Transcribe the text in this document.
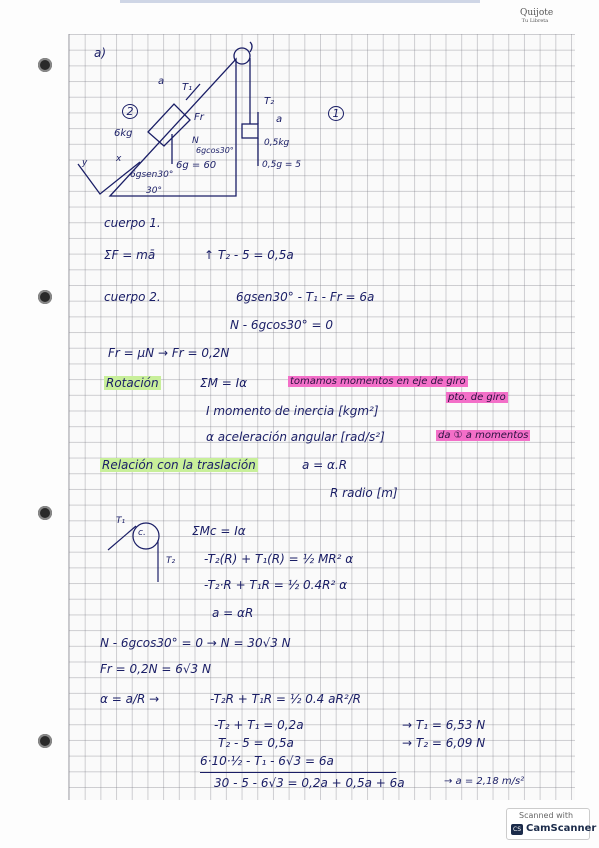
Quijote
Tu Libreta
a)
a
T₁
Fr
2
6kg
N
6gcos30°
6g = 60
6gsen30°
30°
x
y
T₂
a	1
0,5kg
0,5g = 5
cuerpo 1.
ΣF = mā	↑ T₂ - 5 = 0,5a
cuerpo 2.	6gsen30° - T₁ - Fr = 6a
N - 6gcos30° = 0
Fr = μN → Fr = 0,2N
Rotación	ΣM = Iα	tomamos momentos en eje de giro
pto. de giro
I momento de inercia [kgm²]
α aceleración angular [rad/s²]	da ① a momentos
Relación con la traslación	a = α.R
R radio [m]
T₁
c.
T₂
ΣMc = Iα
-T₂(R) + T₁(R) = ½ MR² α
-T₂·R + T₁R = ½ 0.4R² α
a = αR
N - 6gcos30° = 0 → N = 30√3 N
Fr = 0,2N = 6√3 N
α = a/R →	-T₂R + T₁R = ½ 0.4 aR²/R
-T₂ + T₁ = 0,2a
T₂ - 5 = 0,5a
6·10·½ - T₁ - 6√3 = 6a
30 - 5 - 6√3 = 0,2a + 0,5a + 6a
→ T₁ = 6,53 N
→ T₂ = 6,09 N
→ a = 2,18 m/s²
Scanned with
CS CamScanner
